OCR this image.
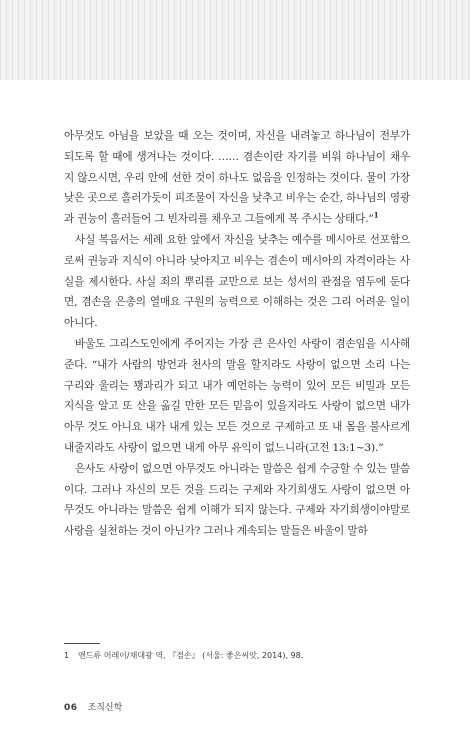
아무것도 아님을 보았을 때 오는 것이며, 자신을 내려놓고 하나님이 전부가 되도록 할 때에 생겨나는 것이다. …… 겸손이란 자기를 비워 하나님이 채우지 않으시면, 우리 안에 선한 것이 하나도 없음을 인정하는 것이다. 물이 가장 낮은 곳으로 흘러가듯이 피조물이 자신을 낮추고 비우는 순간, 하나님의 영광과 권능이 흘러들어 그 빈자리를 채우고 그들에게 복 주시는 상태다.”$^1$

사실 복음서는 세례 요한 앞에서 자신을 낮추는 예수를 메시아로 선포함으로써 권능과 지식이 아니라 낮아지고 비우는 겸손이 메시아의 자격이라는 사실을 제시한다. 사실 죄의 뿌리를 교만으로 보는 성서의 관점을 염두에 둔다면, 겸손을 은총의 열매요 구원의 능력으로 이해하는 것은 그리 어려운 일이 아니다.

바울도 그리스도인에게 주어지는 가장 큰 은사인 사랑이 겸손임을 시사해 준다. “내가 사람의 방언과 천사의 말을 할지라도 사랑이 없으면 소리 나는 구리와 울리는 꽹과리가 되고 내가 예언하는 능력이 있어 모든 비밀과 모든 지식을 알고 또 산을 옮길 만한 모든 믿음이 있을지라도 사랑이 없으면 내가 아무 것도 아니요 내가 내게 있는 모든 것으로 구제하고 또 내 몸을 불사르게 내줄지라도 사랑이 없으면 내게 아무 유익이 없느니라(고전 13:1~3).”

은사도 사랑이 없으면 아무것도 아니라는 말씀은 쉽게 수긍할 수 있는 말씀이다. 그러나 자신의 모든 것을 드리는 구제와 자기희생도 사랑이 없으면 아무것도 아니라는 말씀은 쉽게 이해가 되지 않는다. 구제와 자기희생이야말로 사랑을 실천하는 것이 아닌가? 그러나 계속되는 말들은 바울이 말하

1 앤드류 머레이/채대광 역, 『겸손』 (서울: 좋은씨앗, 2014), 98.
06 조직신학
